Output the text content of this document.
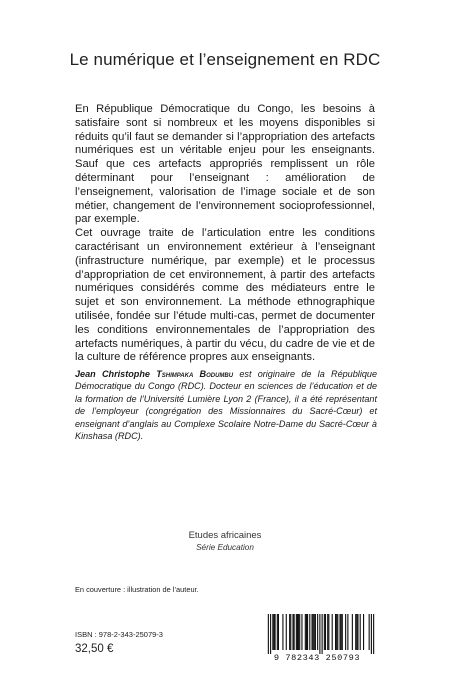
Le numérique et l’enseignement en RDC

En République Démocratique du Congo, les besoins à satisfaire sont si nombreux et les moyens disponibles si réduits qu’il faut se demander si l’appropriation des artefacts numériques est un véritable enjeu pour les enseignants. Sauf que ces artefacts appropriés remplissent un rôle déterminant pour l’enseignant : amélioration de l’enseignement, valorisation de l’image sociale et de son métier, changement de l’environnement socioprofessionnel, par exemple.

Cet ouvrage traite de l’articulation entre les conditions caractérisant un environnement extérieur à l’enseignant (infrastructure numérique, par exemple) et le processus d’appropriation de cet environnement, à partir des artefacts numériques considérés comme des médiateurs entre le sujet et son environnement. La méthode ethnographique utilisée, fondée sur l’étude multi-cas, permet de documenter les conditions environnementales de l’appropriation des artefacts numériques, à partir du vécu, du cadre de vie et de la culture de référence propres aux enseignants.

Jean Christophe Tshimpaka Bodumbu est originaire de la République Démocratique du Congo (RDC). Docteur en sciences de l’éducation et de la formation de l’Université Lumière Lyon 2 (France), il a été représentant de l’employeur (congrégation des Missionnaires du Sacré-Cœur) et enseignant d’anglais au Complexe Scolaire Notre-Dame du Sacré-Cœur à Kinshasa (RDC).
Etudes africaines
Série Education
En couverture : illustration de l’auteur.
ISBN : 978-2-343-25079-3
32,50 €
9 782343 250793
